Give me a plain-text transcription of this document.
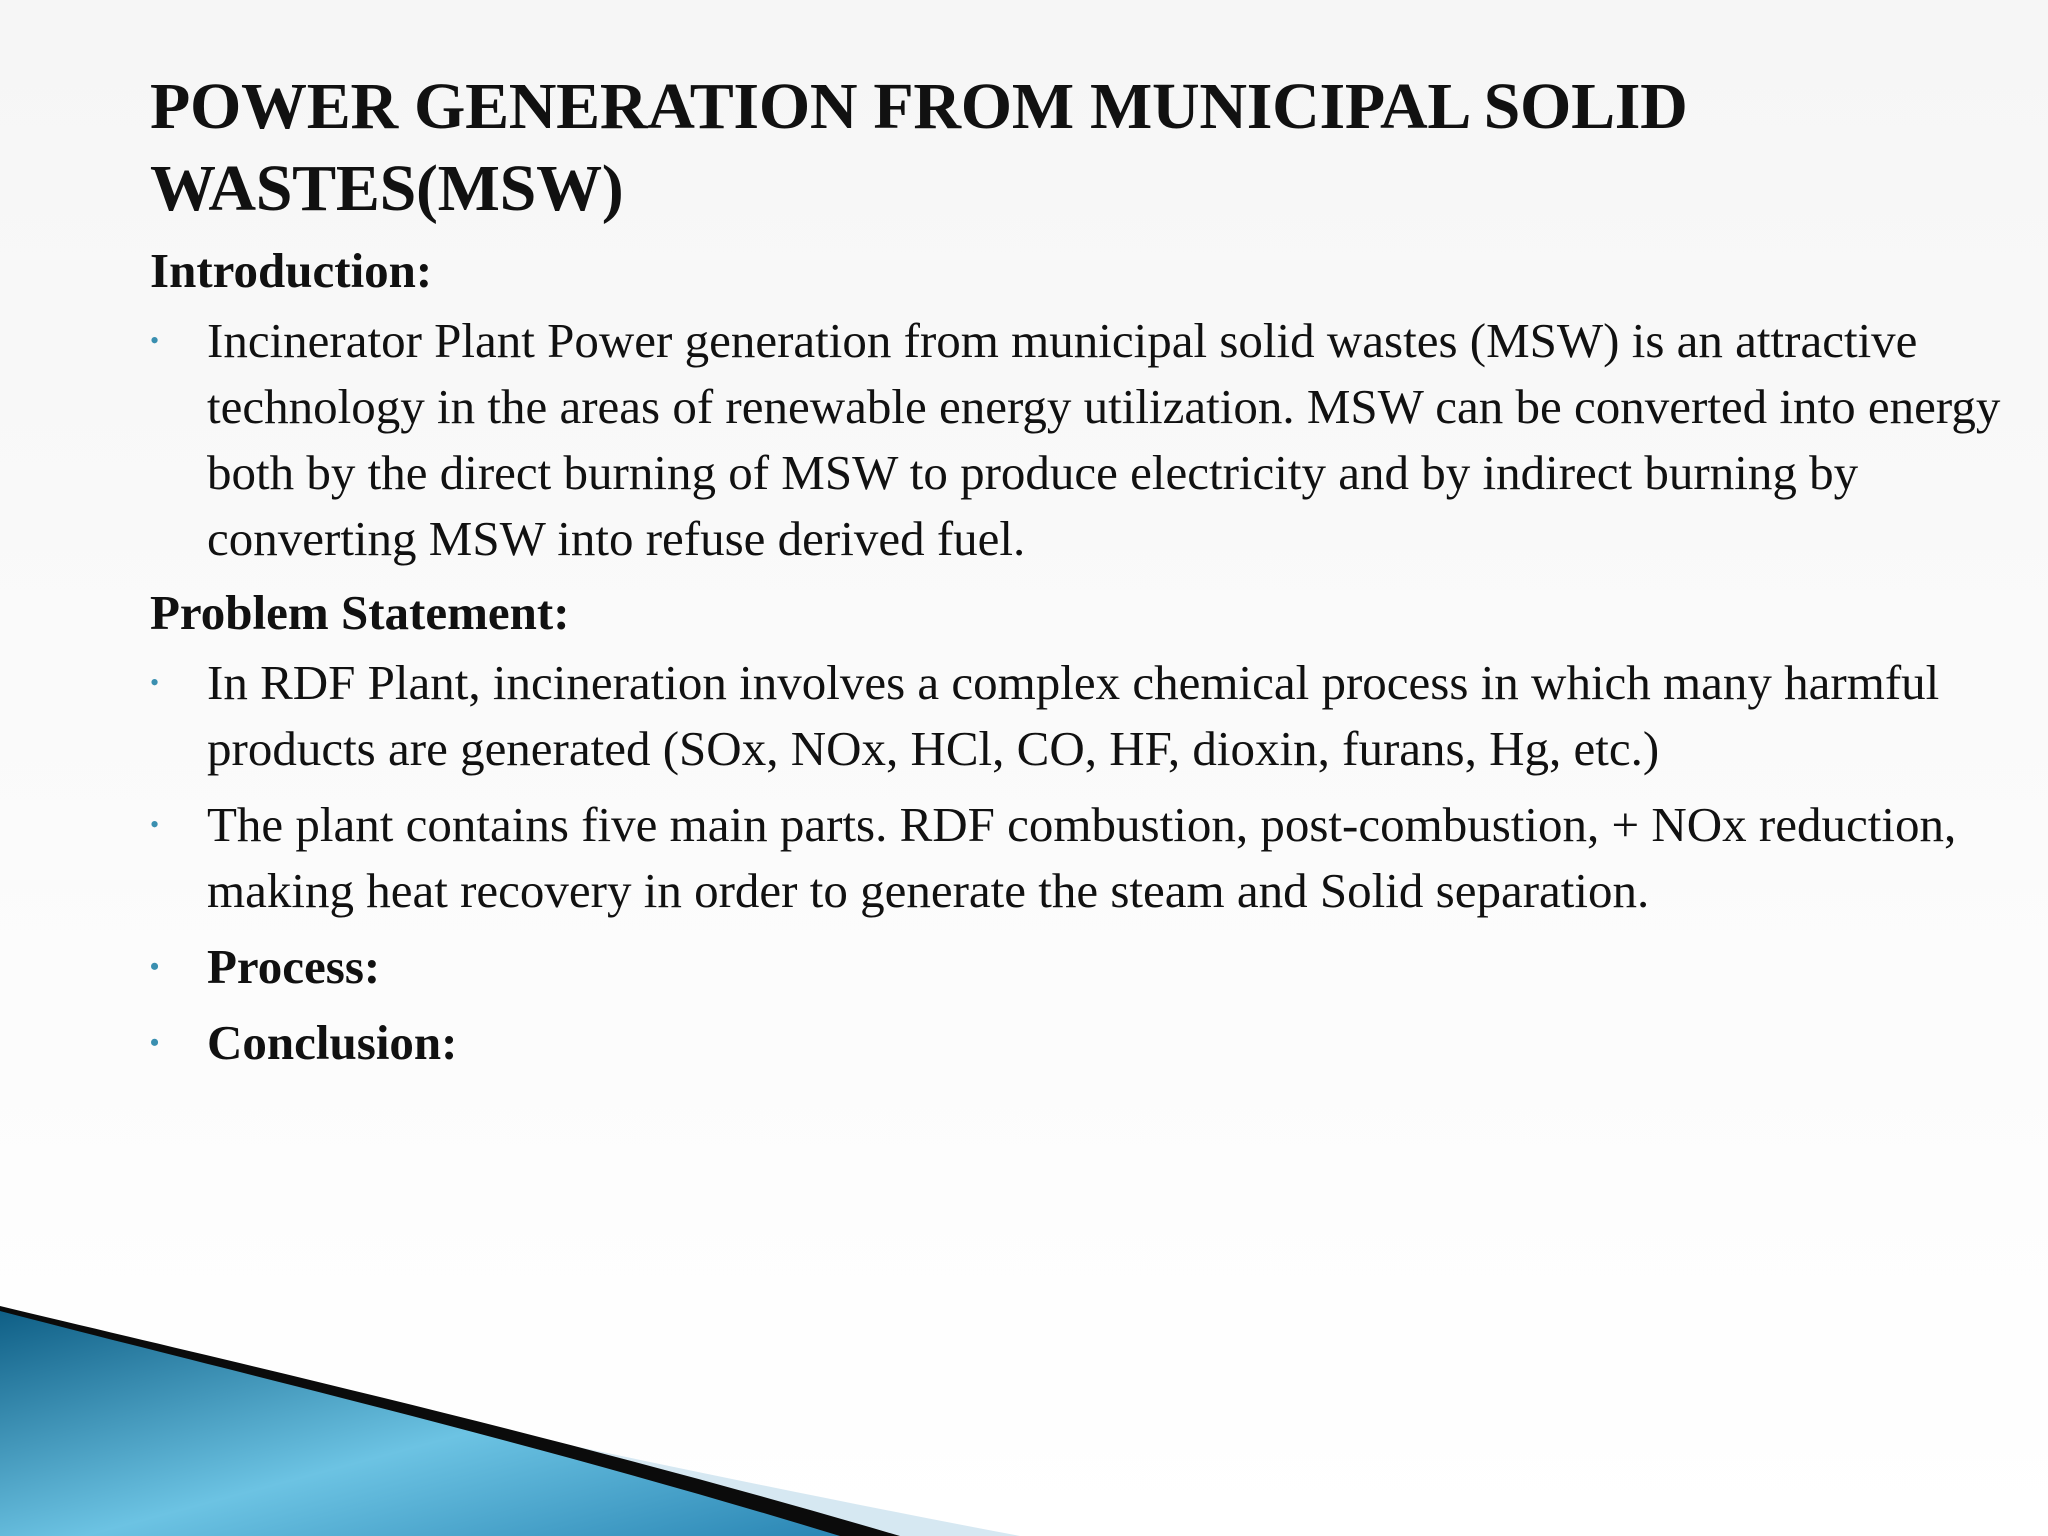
POWER GENERATION FROM MUNICIPAL SOLID WASTES(MSW)
Introduction:
• Incinerator Plant Power generation from municipal solid wastes (MSW) is an attractive technology in the areas of renewable energy utilization. MSW can be converted into energy both by the direct burning of MSW to produce electricity and by indirect burning by converting MSW into refuse derived fuel.
Problem Statement:
• In RDF Plant, incineration involves a complex chemical process in which many harmful products are generated (SOx, NOx, HCl, CO, HF, dioxin, furans, Hg, etc.)
• The plant contains five main parts. RDF combustion, post-combustion, + NOx reduction, making heat recovery in order to generate the steam and Solid separation.
• Process:
• Conclusion:
